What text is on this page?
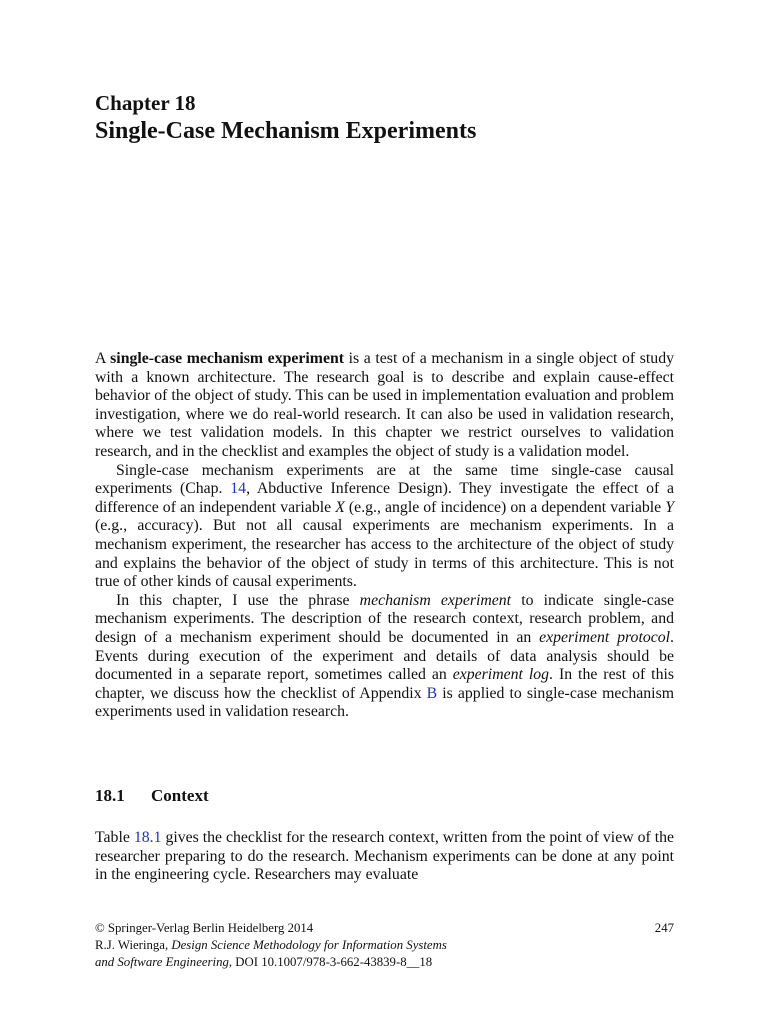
Chapter 18
Single-Case Mechanism Experiments

A single-case mechanism experiment is a test of a mechanism in a single object of study with a known architecture. The research goal is to describe and explain cause-effect behavior of the object of study. This can be used in implementation evaluation and problem investigation, where we do real-world research. It can also be used in validation research, where we test validation models. In this chapter we restrict ourselves to validation research, and in the checklist and examples the object of study is a validation model.

Single-case mechanism experiments are at the same time single-case causal experiments (Chap. 14, Abductive Inference Design). They investigate the effect of a difference of an independent variable X (e.g., angle of incidence) on a dependent variable Y (e.g., accuracy). But not all causal experiments are mechanism experiments. In a mechanism experiment, the researcher has access to the architecture of the object of study and explains the behavior of the object of study in terms of this architecture. This is not true of other kinds of causal experiments.

In this chapter, I use the phrase mechanism experiment to indicate single-case mechanism experiments. The description of the research context, research problem, and design of a mechanism experiment should be documented in an experiment protocol. Events during execution of the experiment and details of data analysis should be documented in a separate report, sometimes called an experiment log. In the rest of this chapter, we discuss how the checklist of Appendix B is applied to single-case mechanism experiments used in validation research.

18.1 Context

Table 18.1 gives the checklist for the research context, written from the point of view of the researcher preparing to do the research. Mechanism experiments can be done at any point in the engineering cycle. Researchers may evaluate

© Springer-Verlag Berlin Heidelberg 2014	247
R.J. Wieringa, Design Science Methodology for Information Systems
and Software Engineering, DOI 10.1007/978-3-662-43839-8__18
